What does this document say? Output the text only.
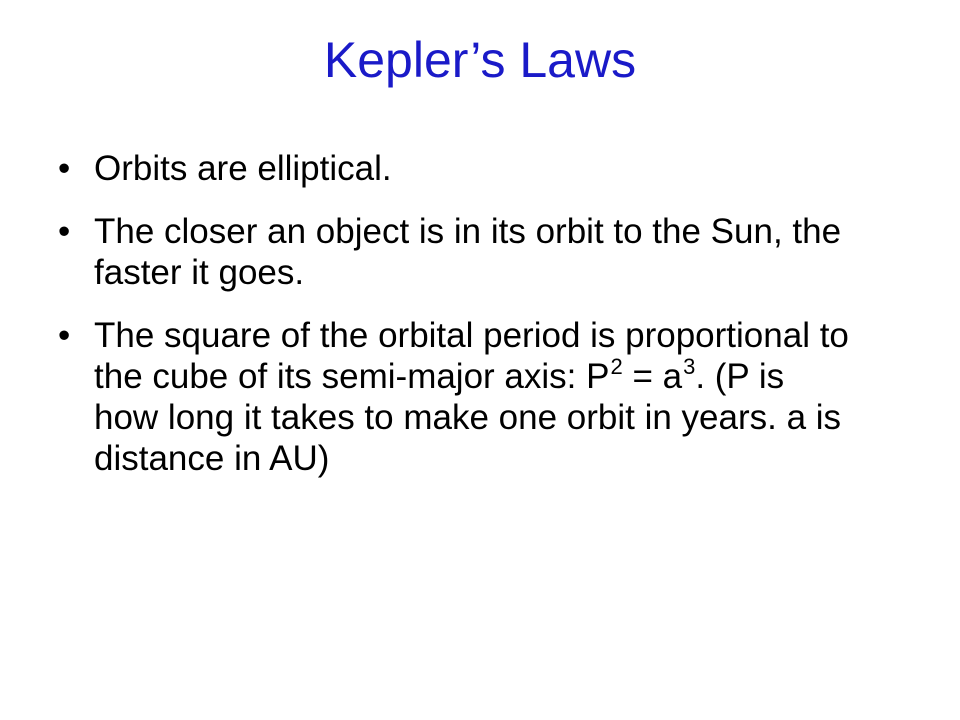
Kepler’s Laws
• Orbits are elliptical.
• The closer an object is in its orbit to the Sun, the faster it goes.
• The square of the orbital period is proportional to the cube of its semi-major axis: $P^2 = a^3$. (P is how long it takes to make one orbit in years. a is distance in AU)
